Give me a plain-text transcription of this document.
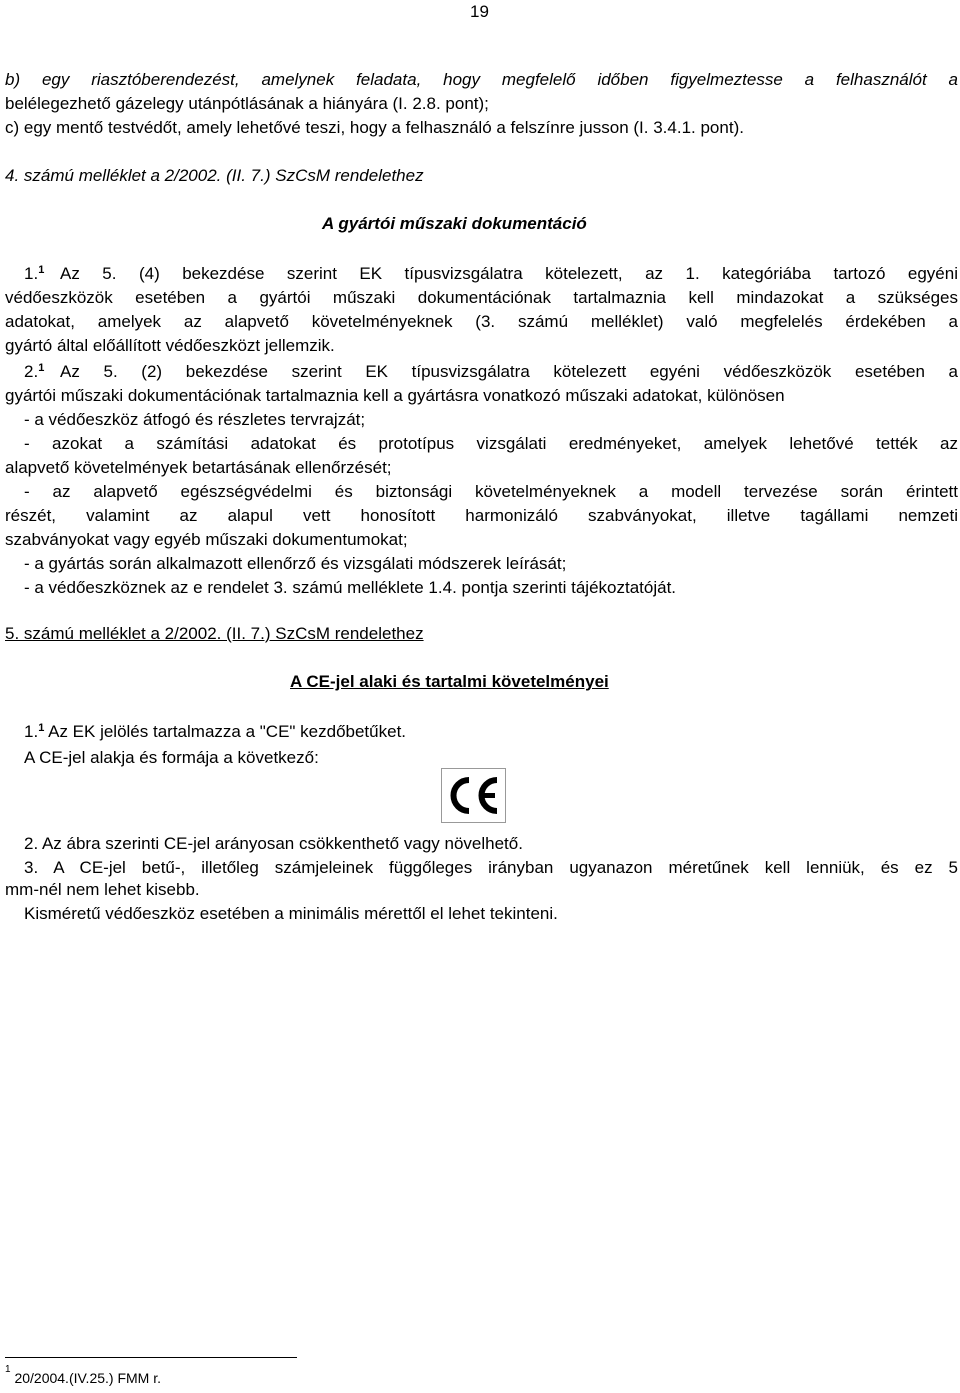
19
b) egy riasztóberendezést, amelynek feladata, hogy megfelelő időben figyelmeztesse a felhasználót a
belélegezhető gázelegy utánpótlásának a hiányára (I. 2.8. pont);
c) egy mentő testvédőt, amely lehetővé teszi, hogy a felhasználó a felszínre jusson (I. 3.4.1. pont).
4. számú melléklet a 2/2002. (II. 7.) SzCsM rendelethez
A gyártói műszaki dokumentáció
1.$^1$ Az 5. (4) bekezdése szerint EK típusvizsgálatra kötelezett, az 1. kategóriába tartozó egyéni
védőeszközök esetében a gyártói műszaki dokumentációnak tartalmaznia kell mindazokat a szükséges
adatokat, amelyek az alapvető követelményeknek (3. számú melléklet) való megfelelés érdekében a
gyártó által előállított védőeszközt jellemzik.
2.$^1$ Az 5. (2) bekezdése szerint EK típusvizsgálatra kötelezett egyéni védőeszközök esetében a
gyártói műszaki dokumentációnak tartalmaznia kell a gyártásra vonatkozó műszaki adatokat, különösen
- a védőeszköz átfogó és részletes tervrajzát;
- azokat a számítási adatokat és prototípus vizsgálati eredményeket, amelyek lehetővé tették az
alapvető követelmények betartásának ellenőrzését;
- az alapvető egészségvédelmi és biztonsági követelményeknek a modell tervezése során érintett
részét, valamint az alapul vett honosított harmonizáló szabványokat, illetve tagállami nemzeti
szabványokat vagy egyéb műszaki dokumentumokat;
- a gyártás során alkalmazott ellenőrző és vizsgálati módszerek leírását;
- a védőeszköznek az e rendelet 3. számú melléklete 1.4. pontja szerinti tájékoztatóját.
5. számú melléklet a 2/2002. (II. 7.) SzCsM rendelethez
A CE-jel alaki és tartalmi követelményei
1.$^1$ Az EK jelölés tartalmazza a "CE" kezdőbetűket.
A CE-jel alakja és formája a következő:
2. Az ábra szerinti CE-jel arányosan csökkenthető vagy növelhető.
3. A CE-jel betű-, illetőleg számjeleinek függőleges irányban ugyanazon méretűnek kell lenniük, és ez 5
mm-nél nem lehet kisebb.
Kisméretű védőeszköz esetében a minimális mérettől el lehet tekinteni.
$^1$ 20/2004.(IV.25.) FMM r.
